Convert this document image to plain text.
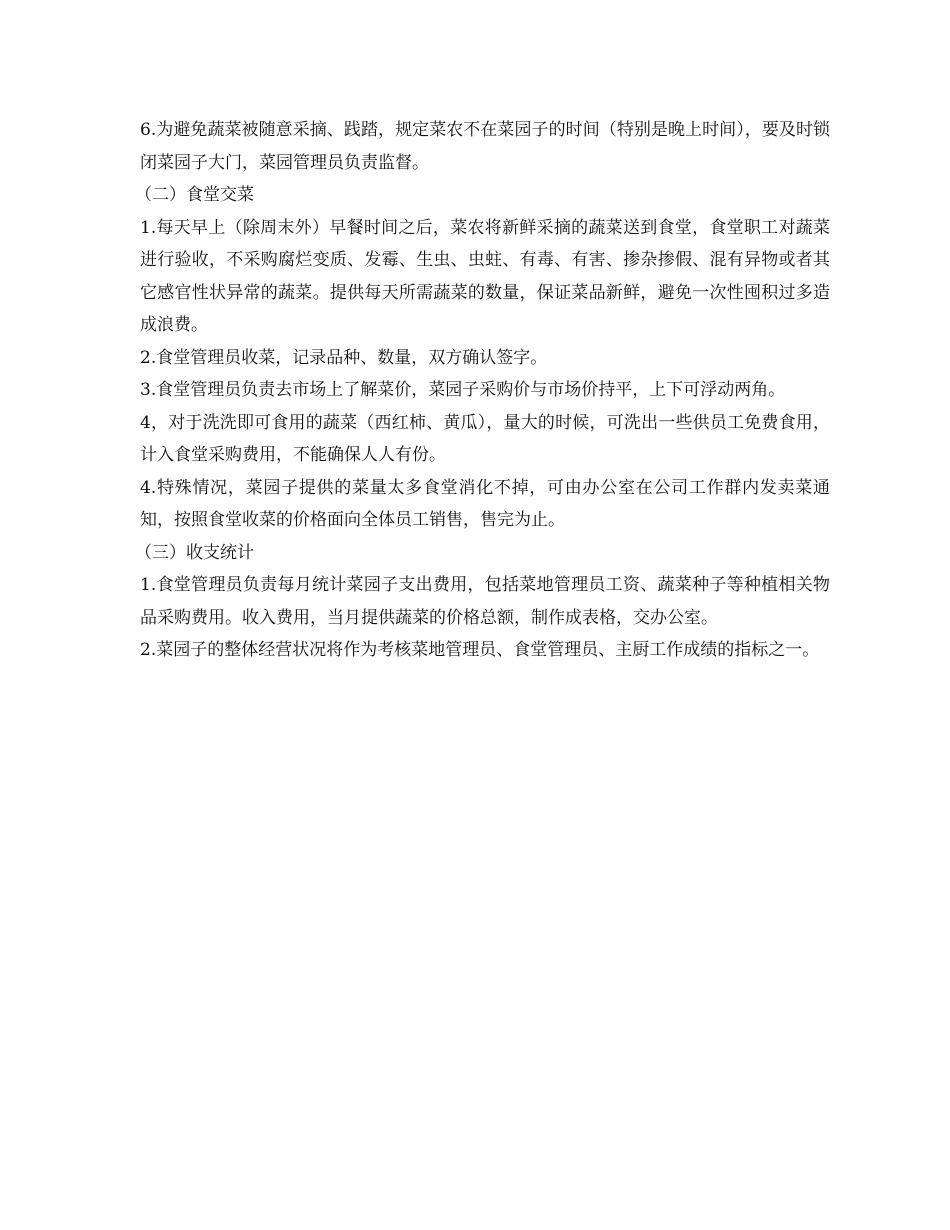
6.为避免蔬菜被随意采摘、践踏，规定菜农不在菜园子的时间（特别是晚上时间），要及时锁闭菜园子大门，菜园管理员负责监督。

（二）食堂交菜

1.每天早上（除周末外）早餐时间之后，菜农将新鲜采摘的蔬菜送到食堂，食堂职工对蔬菜进行验收，不采购腐烂变质、发霉、生虫、虫蛀、有毒、有害、掺杂掺假、混有异物或者其它感官性状异常的蔬菜。提供每天所需蔬菜的数量，保证菜品新鲜，避免一次性囤积过多造成浪费。

2.食堂管理员收菜，记录品种、数量，双方确认签字。

3.食堂管理员负责去市场上了解菜价，菜园子采购价与市场价持平，上下可浮动两角。

4，对于洗洗即可食用的蔬菜（西红柿、黄瓜），量大的时候，可洗出一些供员工免费食用，计入食堂采购费用，不能确保人人有份。

4.特殊情况，菜园子提供的菜量太多食堂消化不掉，可由办公室在公司工作群内发卖菜通知，按照食堂收菜的价格面向全体员工销售，售完为止。

（三）收支统计

1.食堂管理员负责每月统计菜园子支出费用，包括菜地管理员工资、蔬菜种子等种植相关物品采购费用。收入费用，当月提供蔬菜的价格总额，制作成表格，交办公室。

2.菜园子的整体经营状况将作为考核菜地管理员、食堂管理员、主厨工作成绩的指标之一。
